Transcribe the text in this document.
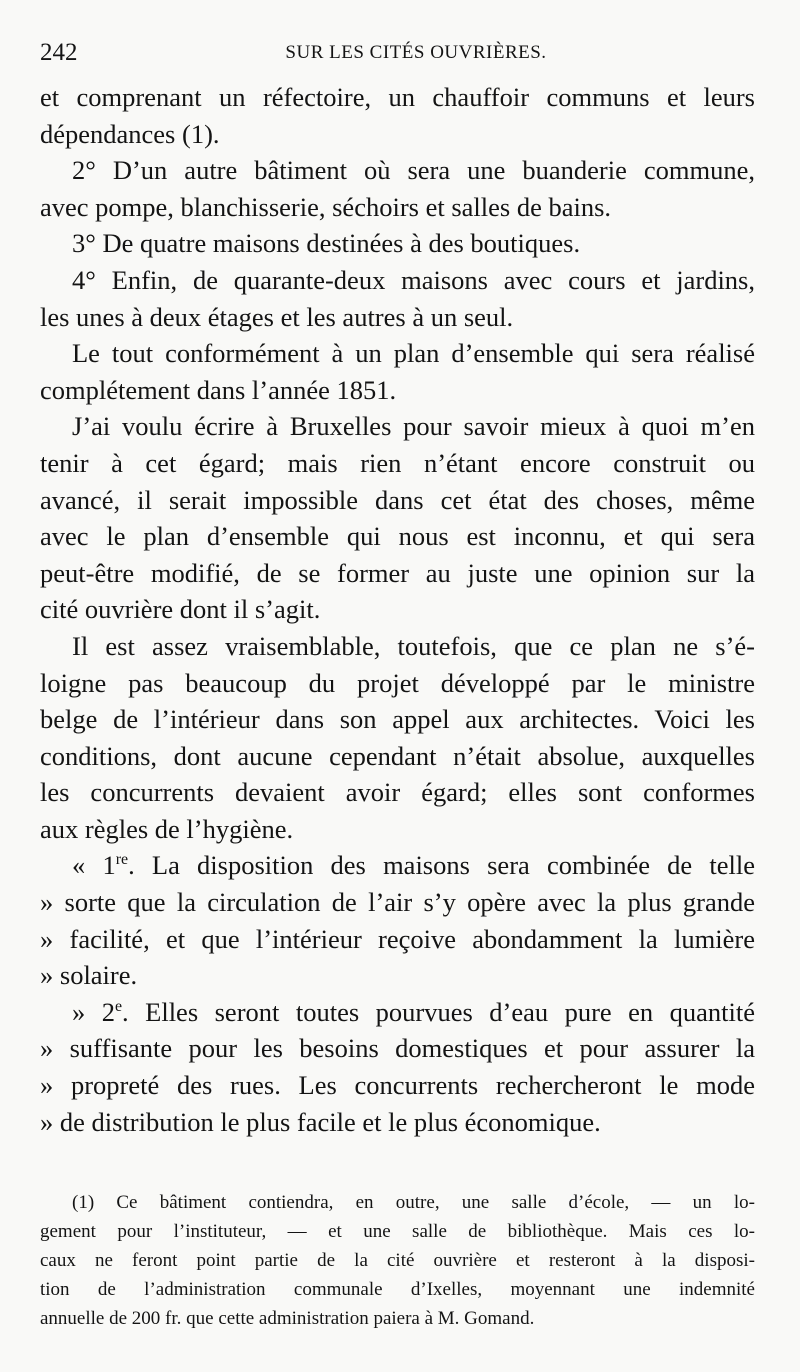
242	SUR LES CITÉS OUVRIÈRES.
et comprenant un réfectoire, un chauffoir communs et leurs
dépendances (1).
2° D’un autre bâtiment où sera une buanderie commune,
avec pompe, blanchisserie, séchoirs et salles de bains.
3° De quatre maisons destinées à des boutiques.
4° Enfin, de quarante-deux maisons avec cours et jardins,
les unes à deux étages et les autres à un seul.
Le tout conformément à un plan d’ensemble qui sera réalisé
complétement dans l’année 1851.
J’ai voulu écrire à Bruxelles pour savoir mieux à quoi m’en
tenir à cet égard; mais rien n’étant encore construit ou
avancé, il serait impossible dans cet état des choses, même
avec le plan d’ensemble qui nous est inconnu, et qui sera
peut-être modifié, de se former au juste une opinion sur la
cité ouvrière dont il s’agit.
Il est assez vraisemblable, toutefois, que ce plan ne s’é-
loigne pas beaucoup du projet développé par le ministre
belge de l’intérieur dans son appel aux architectes. Voici les
conditions, dont aucune cependant n’était absolue, auxquelles
les concurrents devaient avoir égard; elles sont conformes
aux règles de l’hygiène.
« 1re. La disposition des maisons sera combinée de telle
» sorte que la circulation de l’air s’y opère avec la plus grande
» facilité, et que l’intérieur reçoive abondamment la lumière
» solaire.
» 2e. Elles seront toutes pourvues d’eau pure en quantité
» suffisante pour les besoins domestiques et pour assurer la
» propreté des rues. Les concurrents rechercheront le mode
» de distribution le plus facile et le plus économique.
(1) Ce bâtiment contiendra, en outre, une salle d’école, — un lo-
gement pour l’instituteur, — et une salle de bibliothèque. Mais ces lo-
caux ne feront point partie de la cité ouvrière et resteront à la disposi-
tion de l’administration communale d’Ixelles, moyennant une indemnité
annuelle de 200 fr. que cette administration paiera à M. Gomand.
